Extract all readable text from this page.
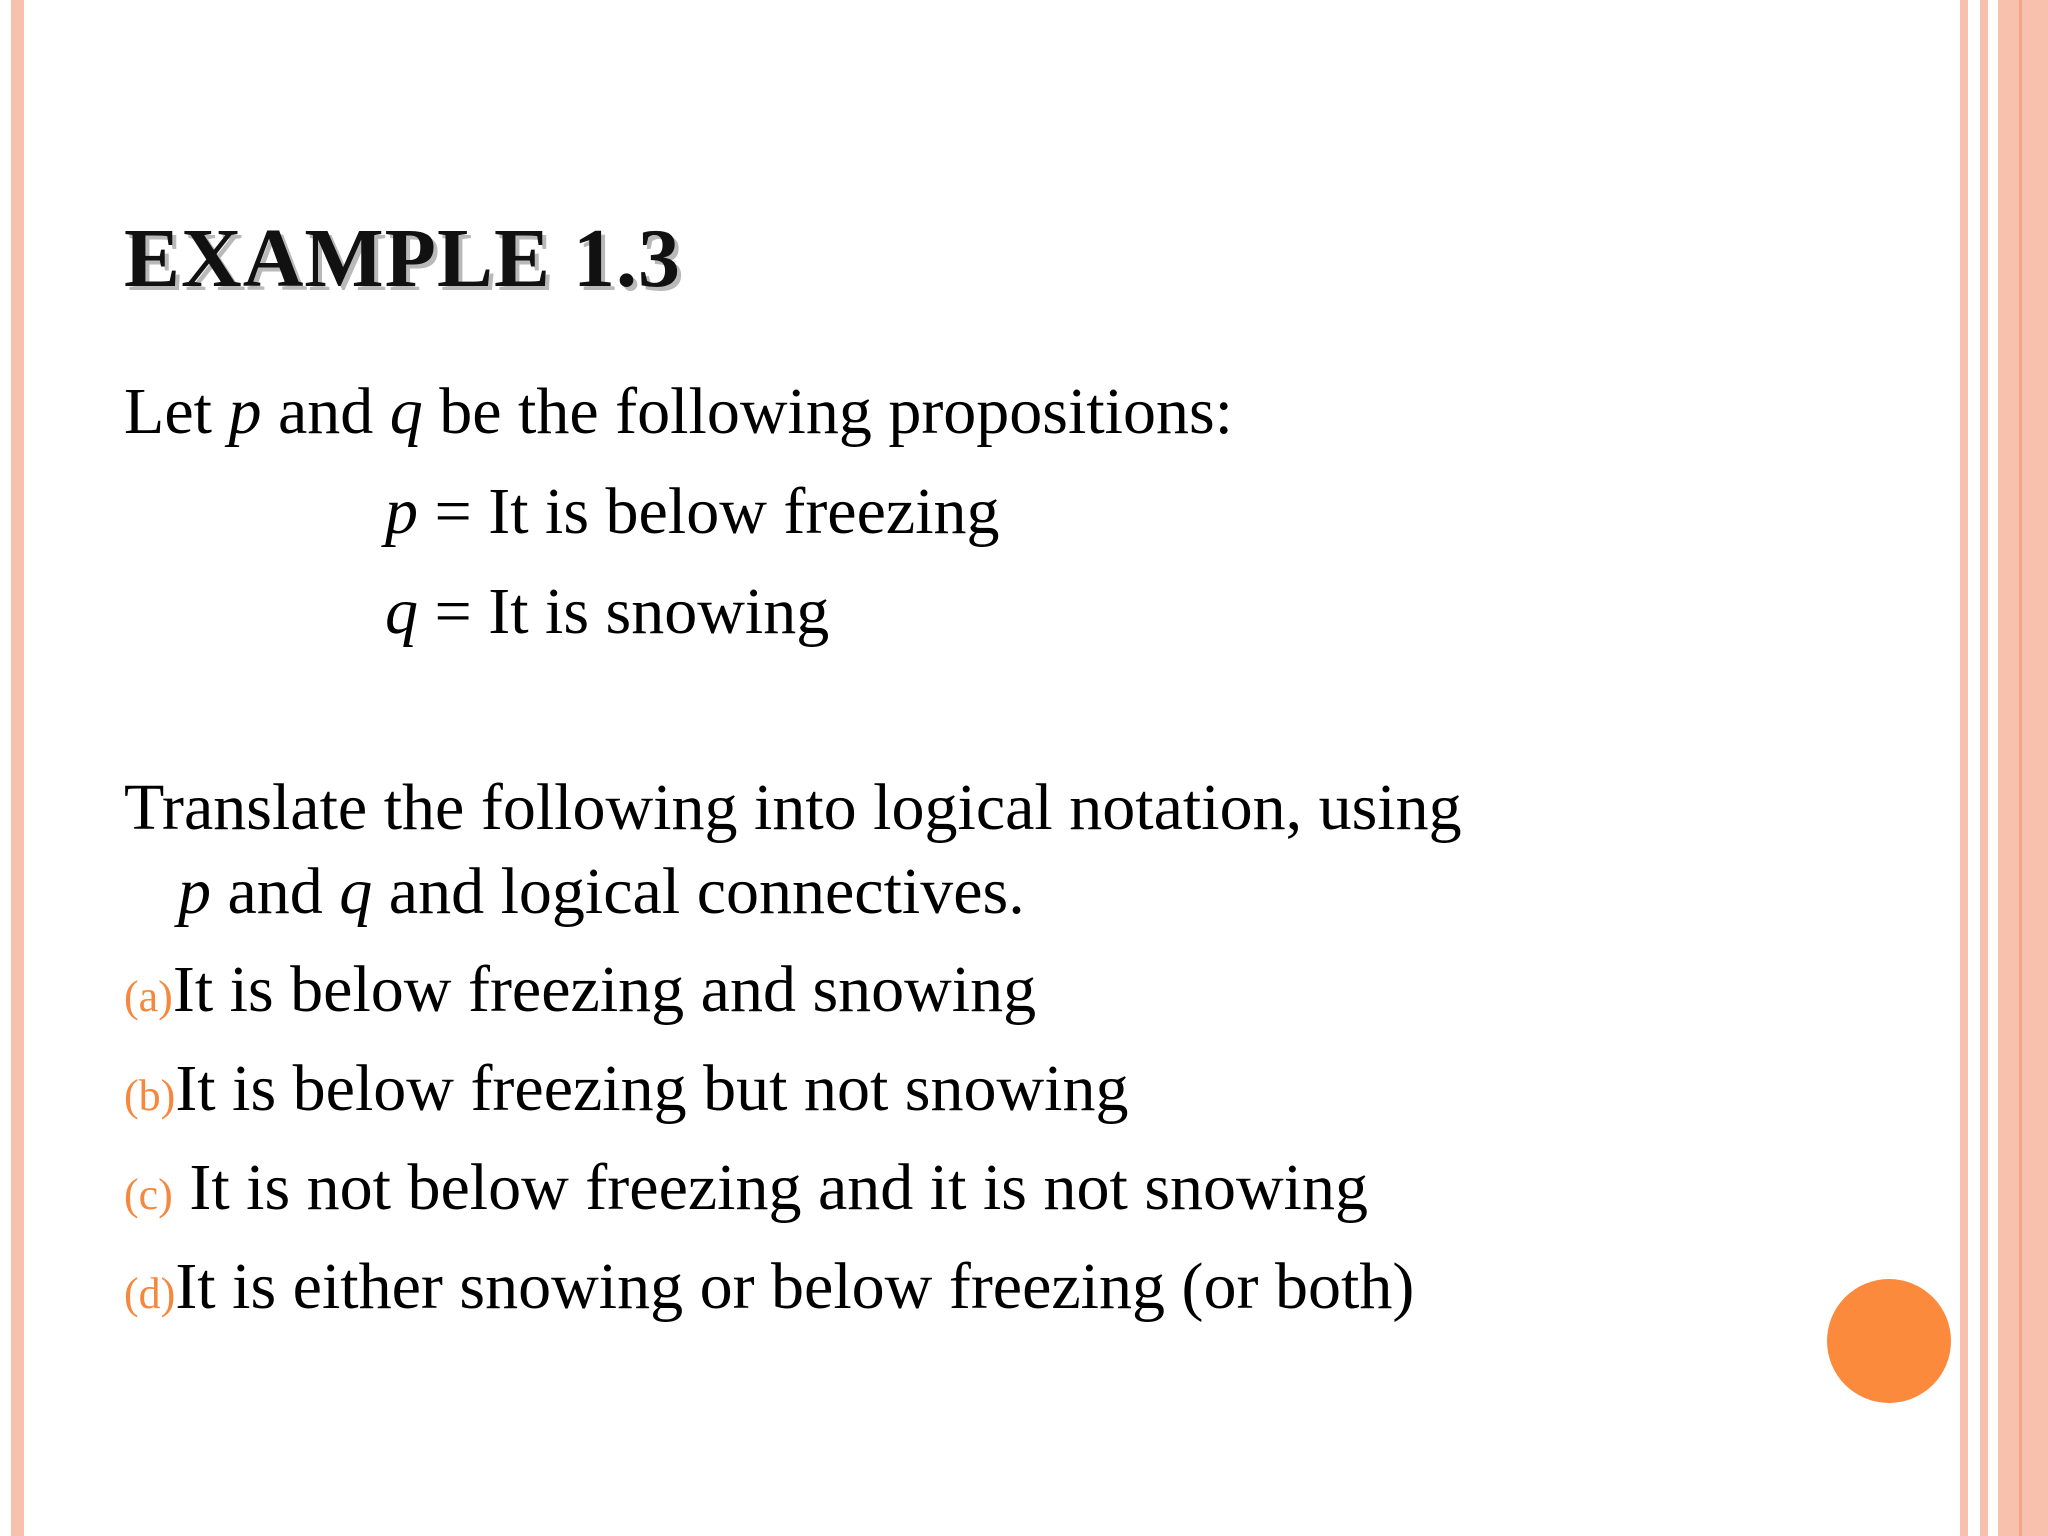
EXAMPLE 1.3

Let p and q be the following propositions:

p = It is below freezing

q = It is snowing

Translate the following into logical notation, using

p and q and logical connectives.

(a)It is below freezing and snowing

(b)It is below freezing but not snowing

(c) It is not below freezing and it is not snowing

(d)It is either snowing or below freezing (or both)
